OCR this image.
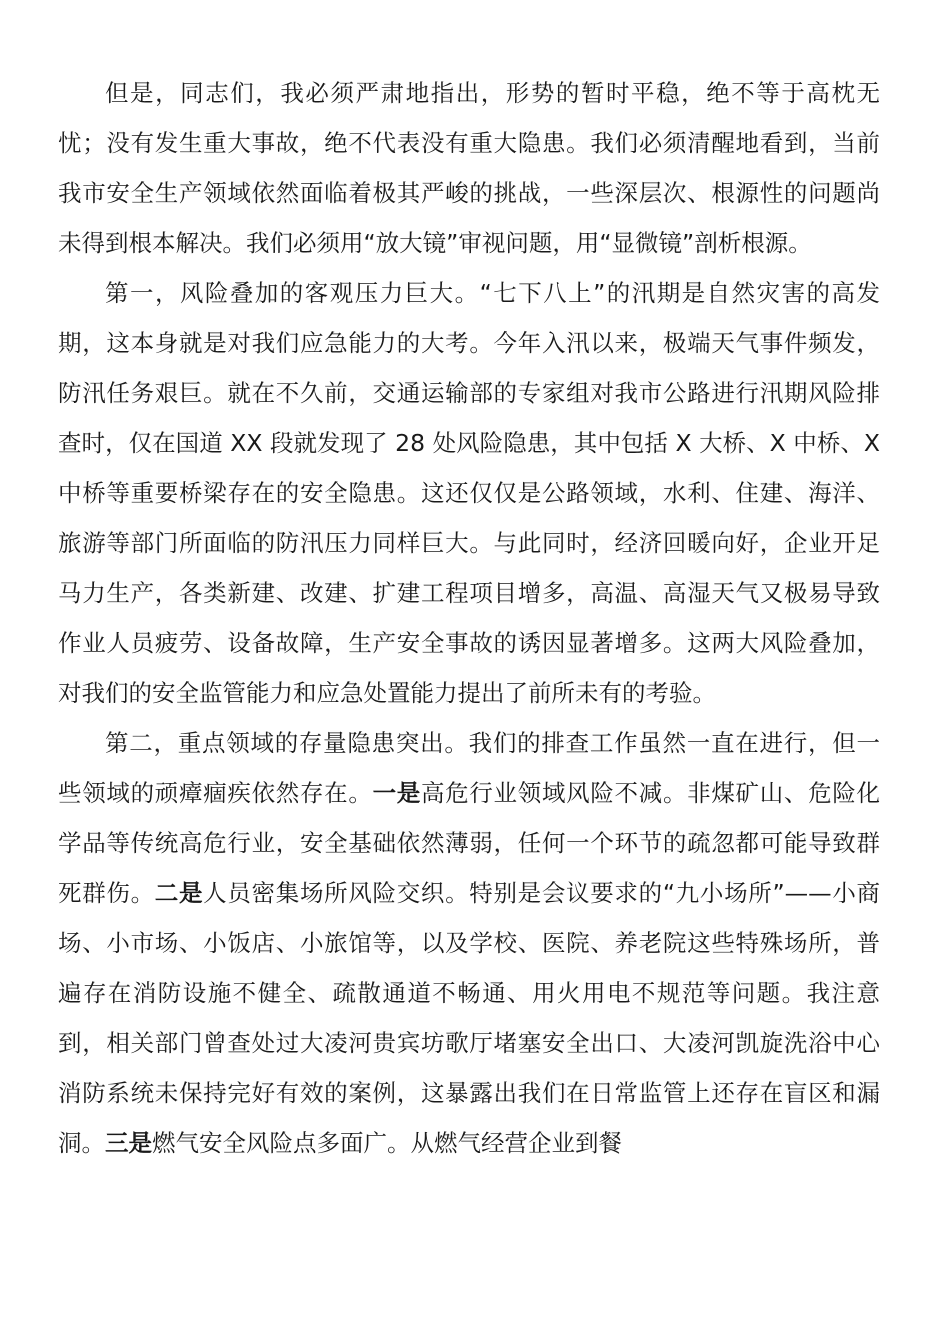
但是，同志们，我必须严肃地指出，形势的暂时平稳，绝不等于高枕无忧；没有发生重大事故，绝不代表没有重大隐患。我们必须清醒地看到，当前我市安全生产领域依然面临着极其严峻的挑战，一些深层次、根源性的问题尚未得到根本解决。我们必须用“放大镜”审视问题，用“显微镜”剖析根源。

第一，风险叠加的客观压力巨大。“七下八上”的汛期是自然灾害的高发期，这本身就是对我们应急能力的大考。今年入汛以来，极端天气事件频发，防汛任务艰巨。就在不久前，交通运输部的专家组对我市公路进行汛期风险排查时，仅在国道 XX 段就发现了 28 处风险隐患，其中包括 X 大桥、X 中桥、X 中桥等重要桥梁存在的安全隐患。这还仅仅是公路领域，水利、住建、海洋、旅游等部门所面临的防汛压力同样巨大。与此同时，经济回暖向好，企业开足马力生产，各类新建、改建、扩建工程项目增多，高温、高湿天气又极易导致作业人员疲劳、设备故障，生产安全事故的诱因显著增多。这两大风险叠加，对我们的安全监管能力和应急处置能力提出了前所未有的考验。

第二，重点领域的存量隐患突出。我们的排查工作虽然一直在进行，但一些领域的顽瘴痼疾依然存在。一是高危行业领域风险不减。非煤矿山、危险化学品等传统高危行业，安全基础依然薄弱，任何一个环节的疏忽都可能导致群死群伤。二是人员密集场所风险交织。特别是会议要求的“九小场所”——小商场、小市场、小饭店、小旅馆等，以及学校、医院、养老院这些特殊场所，普遍存在消防设施不健全、疏散通道不畅通、用火用电不规范等问题。我注意到，相关部门曾查处过大凌河贵宾坊歌厅堵塞安全出口、大凌河凯旋洗浴中心消防系统未保持完好有效的案例，这暴露出我们在日常监管上还存在盲区和漏洞。三是燃气安全风险点多面广。从燃气经营企业到餐
